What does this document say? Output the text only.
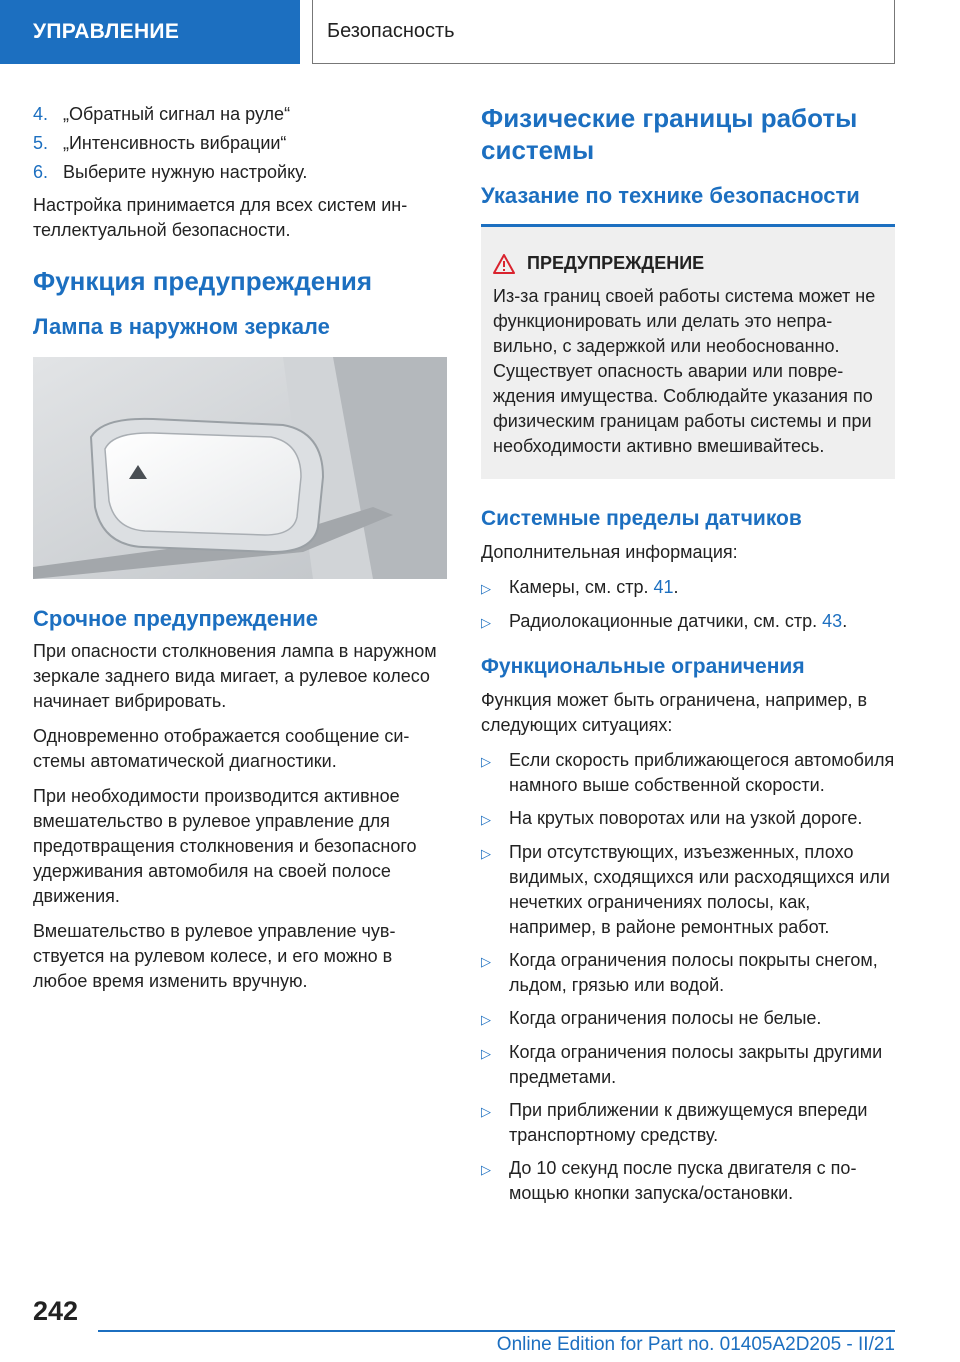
УПРАВЛЕНИЕ	Безопасность
4. „Обратный сигнал на руле“
5. „Интенсивность вибрации“
6. Выберите нужную настройку.

Настройка принимается для всех систем интеллектуальной безопасности.

Функция предупреждения
Лампа в наружном зеркале
Срочное предупреждение

При опасности столкновения лампа в наружном зеркале заднего вида мигает, а рулевое колесо начинает вибрировать.

Одновременно отображается сообщение системы автоматической диагностики.

При необходимости производится активное вмешательство в рулевое управление для предотвращения столкновения и безопасного удерживания автомобиля на своей полосе движения.

Вмешательство в рулевое управление чувствуется на рулевом колесе, и его можно в любое время изменить вручную.

Физические границы работы системы
Указание по технике безопасности
ПРЕДУПРЕЖДЕНИЕ
Из-за границ своей работы система может не функционировать или делать это неправильно, с задержкой или необоснованно. Существует опасность аварии или повреждения имущества. Соблюдайте указания по физическим границам работы системы и при необходимости активно вмешивайтесь.
Системные пределы датчиков

Дополнительная информация:

▷	Камеры, см. стр. 41.
▷	Радиолокационные датчики, см. стр. 43.
Функциональные ограничения

Функция может быть ограничена, например, в следующих ситуациях:

▷	Если скорость приближающегося автомобиля намного выше собственной скорости.
▷	На крутых поворотах или на узкой дороге.
▷	При отсутствующих, изъезженных, плохо видимых, сходящихся или расходящихся или нечетких ограничениях полосы, как, например, в районе ремонтных работ.
▷	Когда ограничения полосы покрыты снегом, льдом, грязью или водой.
▷	Когда ограничения полосы не белые.
▷	Когда ограничения полосы закрыты другими предметами.
▷	При приближении к движущемуся впереди транспортному средству.
▷	До 10 секунд после пуска двигателя с помощью кнопки запуска/остановки.
242
Online Edition for Part no. 01405A2D205 - II/21
